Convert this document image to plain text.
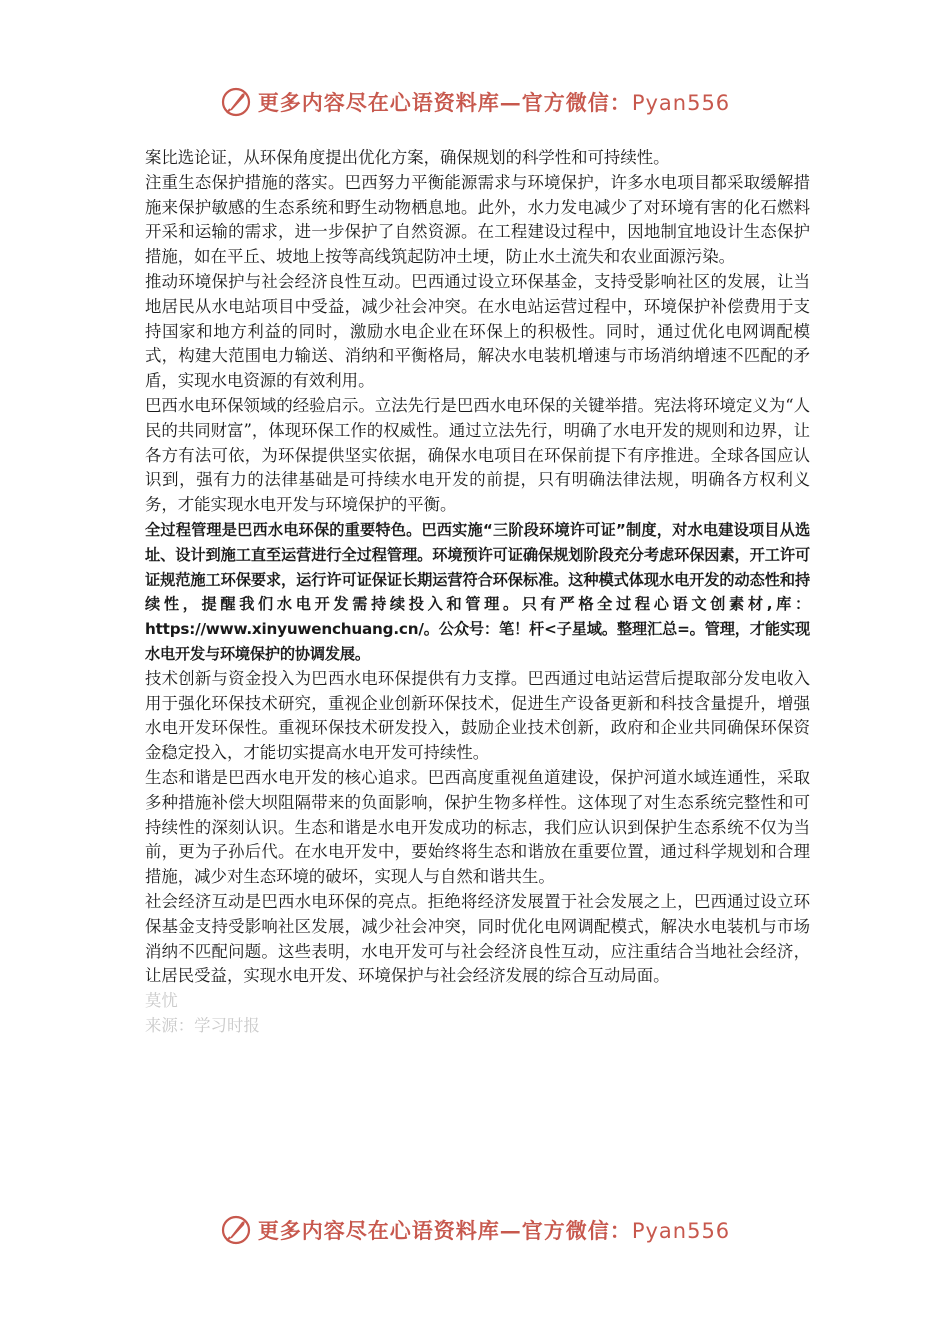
更多内容尽在心语资料库—官方微信：Pyan556

案比选论证，从环保角度提出优化方案，确保规划的科学性和可持续性。

注重生态保护措施的落实。巴西努力平衡能源需求与环境保护，许多水电项目都采取缓解措施来保护敏感的生态系统和野生动物栖息地。此外，水力发电减少了对环境有害的化石燃料开采和运输的需求，进一步保护了自然资源。在工程建设过程中，因地制宜地设计生态保护措施，如在平丘、坡地上按等高线筑起防冲土埂，防止水土流失和农业面源污染。

推动环境保护与社会经济良性互动。巴西通过设立环保基金，支持受影响社区的发展，让当地居民从水电站项目中受益，减少社会冲突。在水电站运营过程中，环境保护补偿费用于支持国家和地方利益的同时，激励水电企业在环保上的积极性。同时，通过优化电网调配模式，构建大范围电力输送、消纳和平衡格局，解决水电装机增速与市场消纳增速不匹配的矛盾，实现水电资源的有效利用。

巴西水电环保领域的经验启示。立法先行是巴西水电环保的关键举措。宪法将环境定义为“人民的共同财富”，体现环保工作的权威性。通过立法先行，明确了水电开发的规则和边界，让各方有法可依，为环保提供坚实依据，确保水电项目在环保前提下有序推进。全球各国应认识到，强有力的法律基础是可持续水电开发的前提，只有明确法律法规，明确各方权利义务，才能实现水电开发与环境保护的平衡。

全过程管理是巴西水电环保的重要特色。巴西实施“三阶段环境许可证”制度，对水电建设项目从选址、设计到施工直至运营进行全过程管理。环境预许可证确保规划阶段充分考虑环保因素，开工许可证规范施工环保要求，运行许可证保证长期运营符合环保标准。这种模式体现水电开发的动态性和持续性，提醒我们水电开发需持续投入和管理。只有严格全过程心语文创素材,库：https://www.xinyuwenchuang.cn/。公众号：笔！杆<子星域。整理汇总=。管理，才能实现水电开发与环境保护的协调发展。

技术创新与资金投入为巴西水电环保提供有力支撑。巴西通过电站运营后提取部分发电收入用于强化环保技术研究，重视企业创新环保技术，促进生产设备更新和科技含量提升，增强水电开发环保性。重视环保技术研发投入，鼓励企业技术创新，政府和企业共同确保环保资金稳定投入，才能切实提高水电开发可持续性。

生态和谐是巴西水电开发的核心追求。巴西高度重视鱼道建设，保护河道水域连通性，采取多种措施补偿大坝阻隔带来的负面影响，保护生物多样性。这体现了对生态系统完整性和可持续性的深刻认识。生态和谐是水电开发成功的标志，我们应认识到保护生态系统不仅为当前，更为子孙后代。在水电开发中，要始终将生态和谐放在重要位置，通过科学规划和合理措施，减少对生态环境的破坏，实现人与自然和谐共生。

社会经济互动是巴西水电环保的亮点。拒绝将经济发展置于社会发展之上，巴西通过设立环保基金支持受影响社区发展，减少社会冲突，同时优化电网调配模式，解决水电装机与市场消纳不匹配问题。这些表明，水电开发可与社会经济良性互动，应注重结合当地社会经济，让居民受益，实现水电开发、环境保护与社会经济发展的综合互动局面。

莫忧

来源：学习时报

更多内容尽在心语资料库—官方微信：Pyan556
